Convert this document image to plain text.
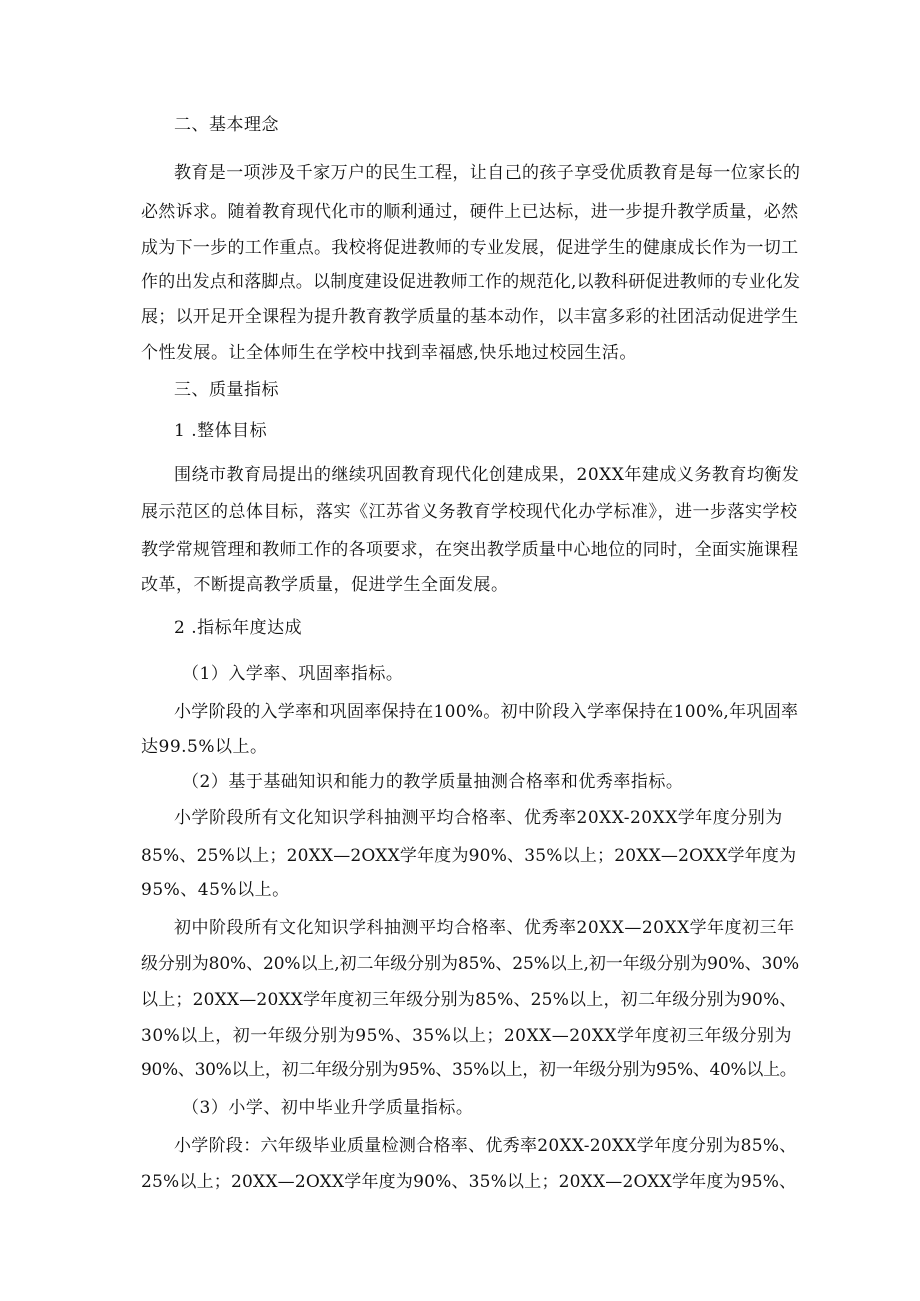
二、基本理念
教育是一项涉及千家万户的民生工程，让自己的孩子享受优质教育是每一位家长的
必然诉求。随着教育现代化市的顺利通过，硬件上已达标，进一步提升教学质量，必然
成为下一步的工作重点。我校将促进教师的专业发展，促进学生的健康成长作为一切工
作的出发点和落脚点。以制度建设促进教师工作的规范化,以教科研促进教师的专业化发
展；以开足开全课程为提升教育教学质量的基本动作，以丰富多彩的社团活动促进学生
个性发展。让全体师生在学校中找到幸福感,快乐地过校园生活。
三、质量指标
1 .整体目标
围绕市教育局提出的继续巩固教育现代化创建成果，20XX年建成义务教育均衡发
展示范区的总体目标，落实《江苏省义务教育学校现代化办学标准》，进一步落实学校
教学常规管理和教师工作的各项要求，在突出教学质量中心地位的同时，全面实施课程
改革，不断提高教学质量，促进学生全面发展。
2 .指标年度达成
（1）入学率、巩固率指标。
小学阶段的入学率和巩固率保持在100%。初中阶段入学率保持在100%,年巩固率
达99.5%以上。
（2）基于基础知识和能力的教学质量抽测合格率和优秀率指标。
小学阶段所有文化知识学科抽测平均合格率、优秀率20XX-20XX学年度分别为
85%、25%以上；20XX—2OXX学年度为90%、35%以上；20XX—2OXX学年度为
95%、45%以上。
初中阶段所有文化知识学科抽测平均合格率、优秀率20XX—20XX学年度初三年
级分别为80%、20%以上,初二年级分别为85%、25%以上,初一年级分别为90%、30%
以上；20XX—20XX学年度初三年级分别为85%、25%以上，初二年级分别为90%、
30%以上，初一年级分别为95%、35%以上；20XX—20XX学年度初三年级分别为
90%、30%以上，初二年级分别为95%、35%以上，初一年级分别为95%、40%以上。
（3）小学、初中毕业升学质量指标。
小学阶段：六年级毕业质量检测合格率、优秀率20XX-20XX学年度分别为85%、
25%以上；20XX—2OXX学年度为90%、35%以上；20XX—2OXX学年度为95%、
